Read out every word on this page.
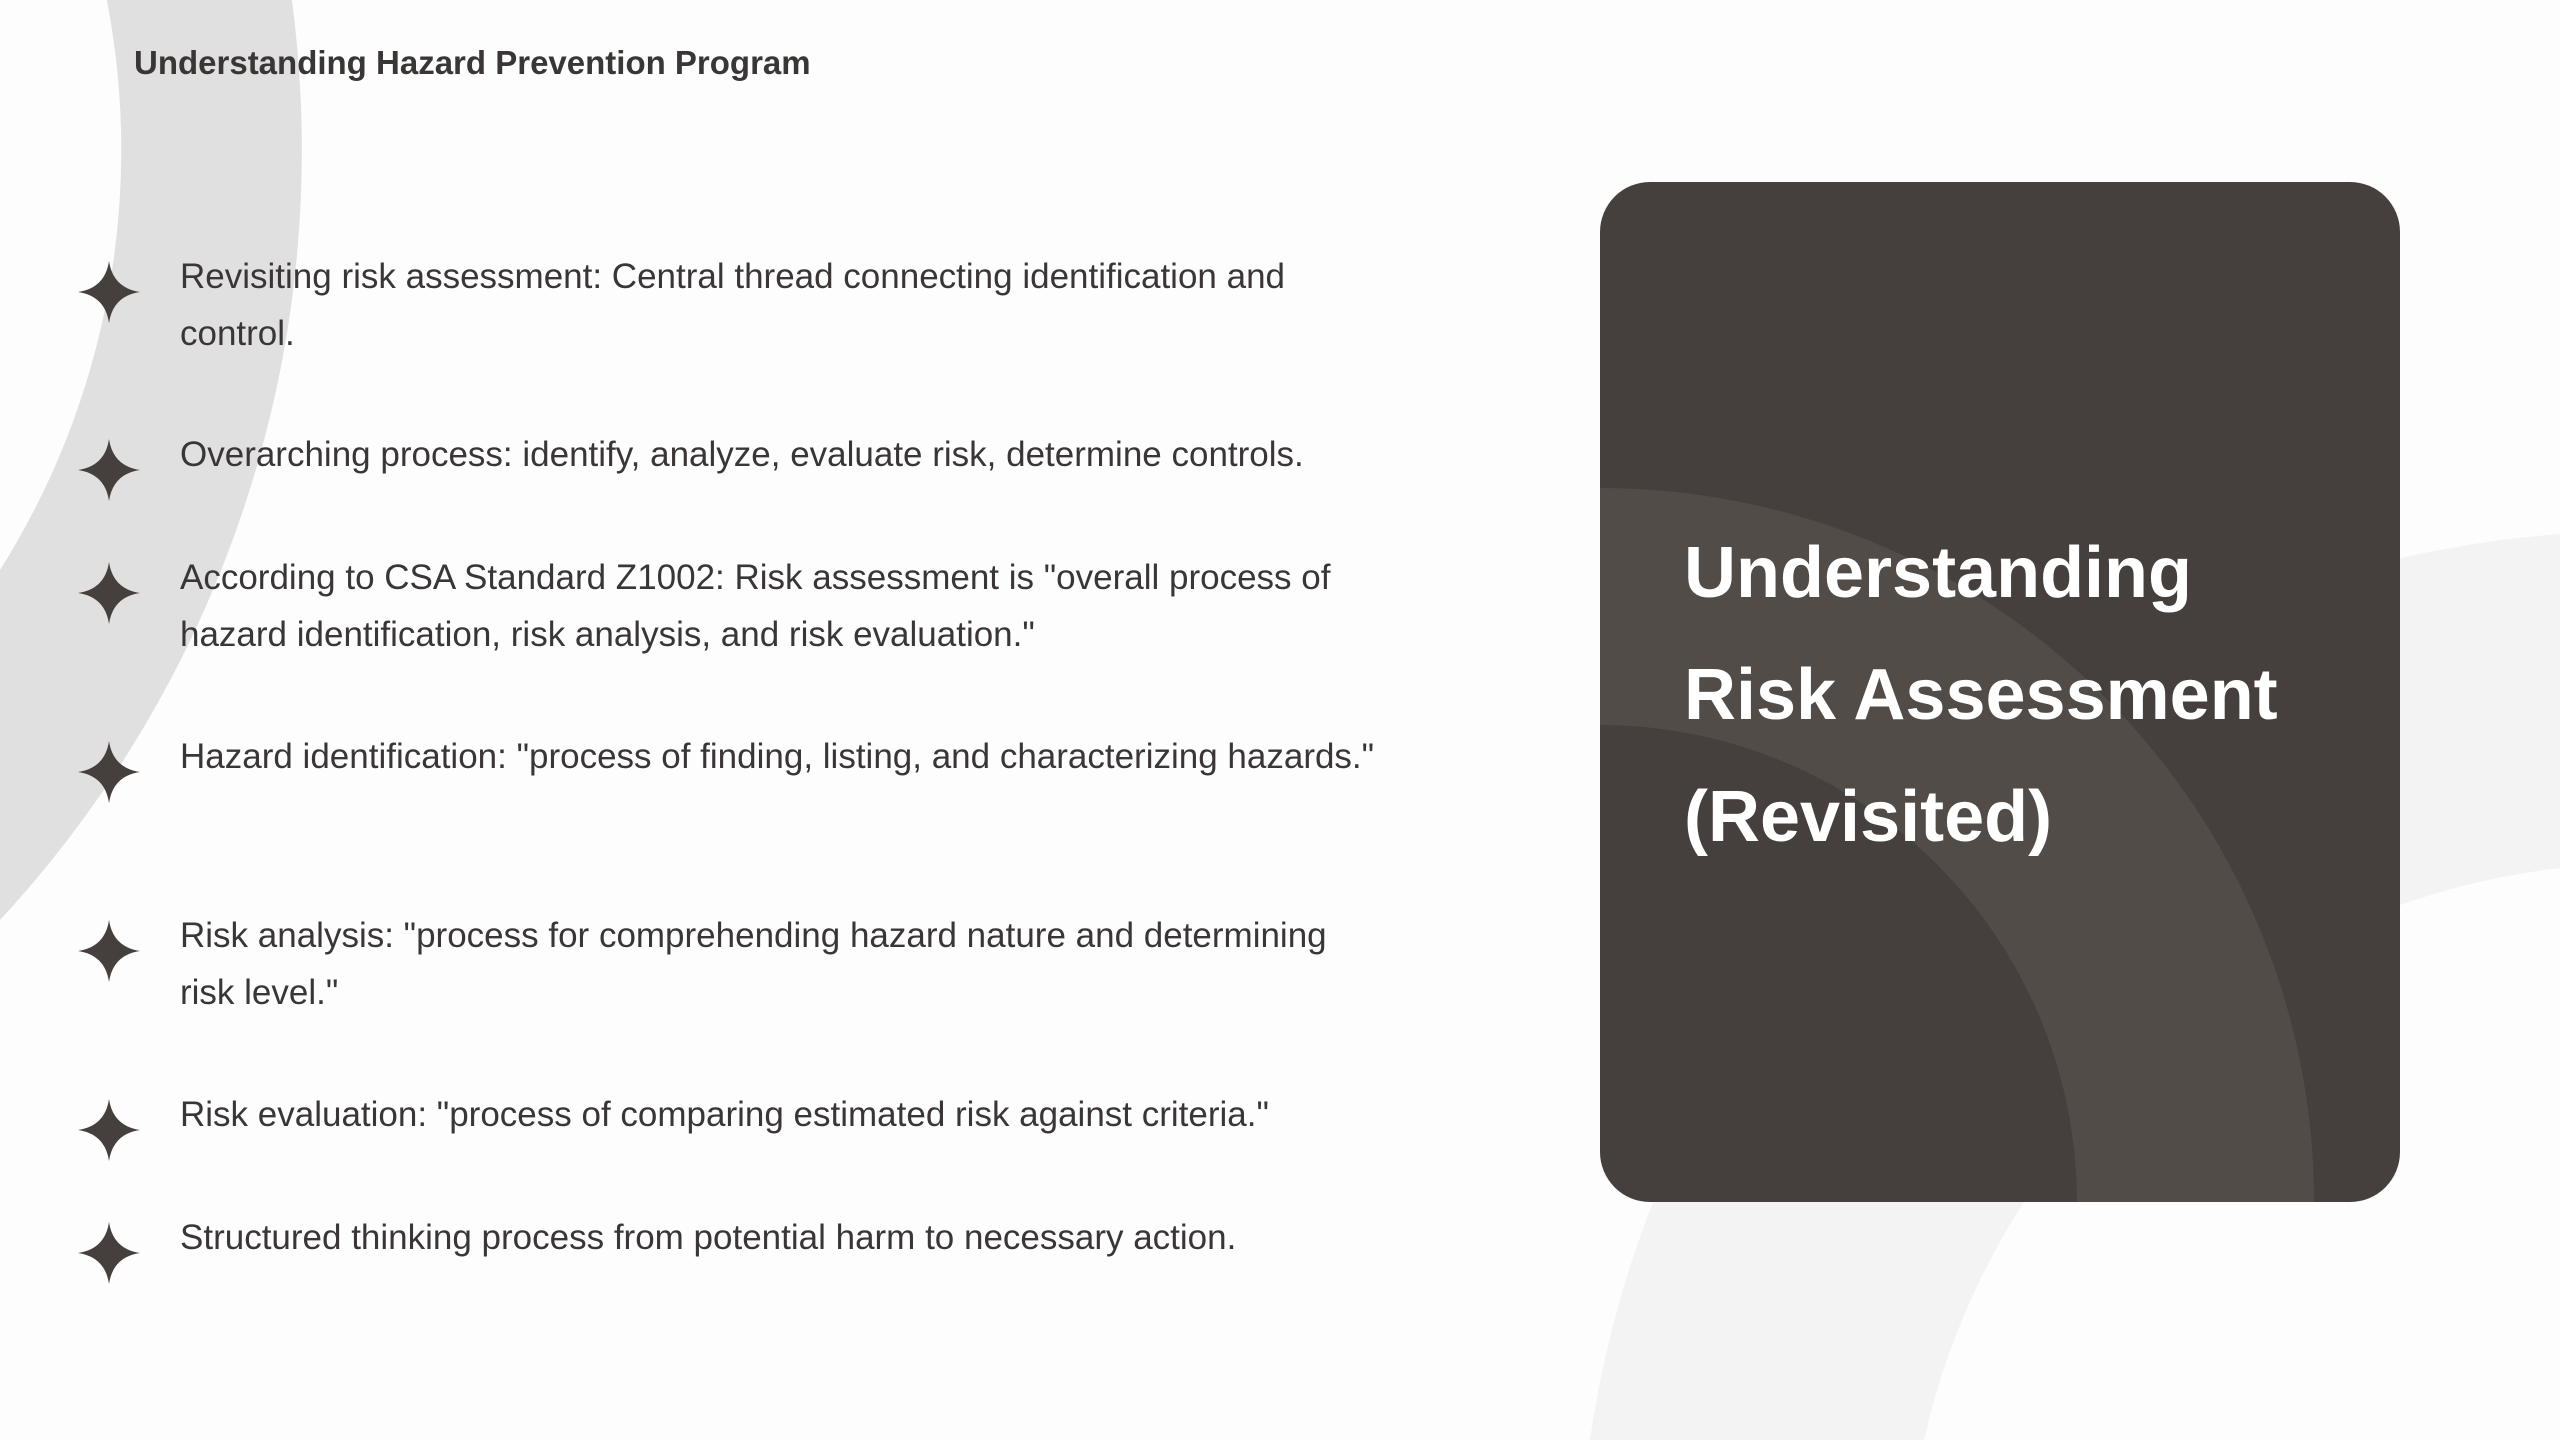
Understanding Hazard Prevention Program
Revisiting risk assessment: Central thread connecting identification and control.
Overarching process: identify, analyze, evaluate risk, determine controls.
According to CSA Standard Z1002: Risk assessment is "overall process of hazard identification, risk analysis, and risk evaluation."
Hazard identification: "process of finding, listing, and characterizing hazards."
Risk analysis: "process for comprehending hazard nature and determining risk level."
Risk evaluation: "process of comparing estimated risk against criteria."
Structured thinking process from potential harm to necessary action.
Understanding
Risk Assessment
(Revisited)
